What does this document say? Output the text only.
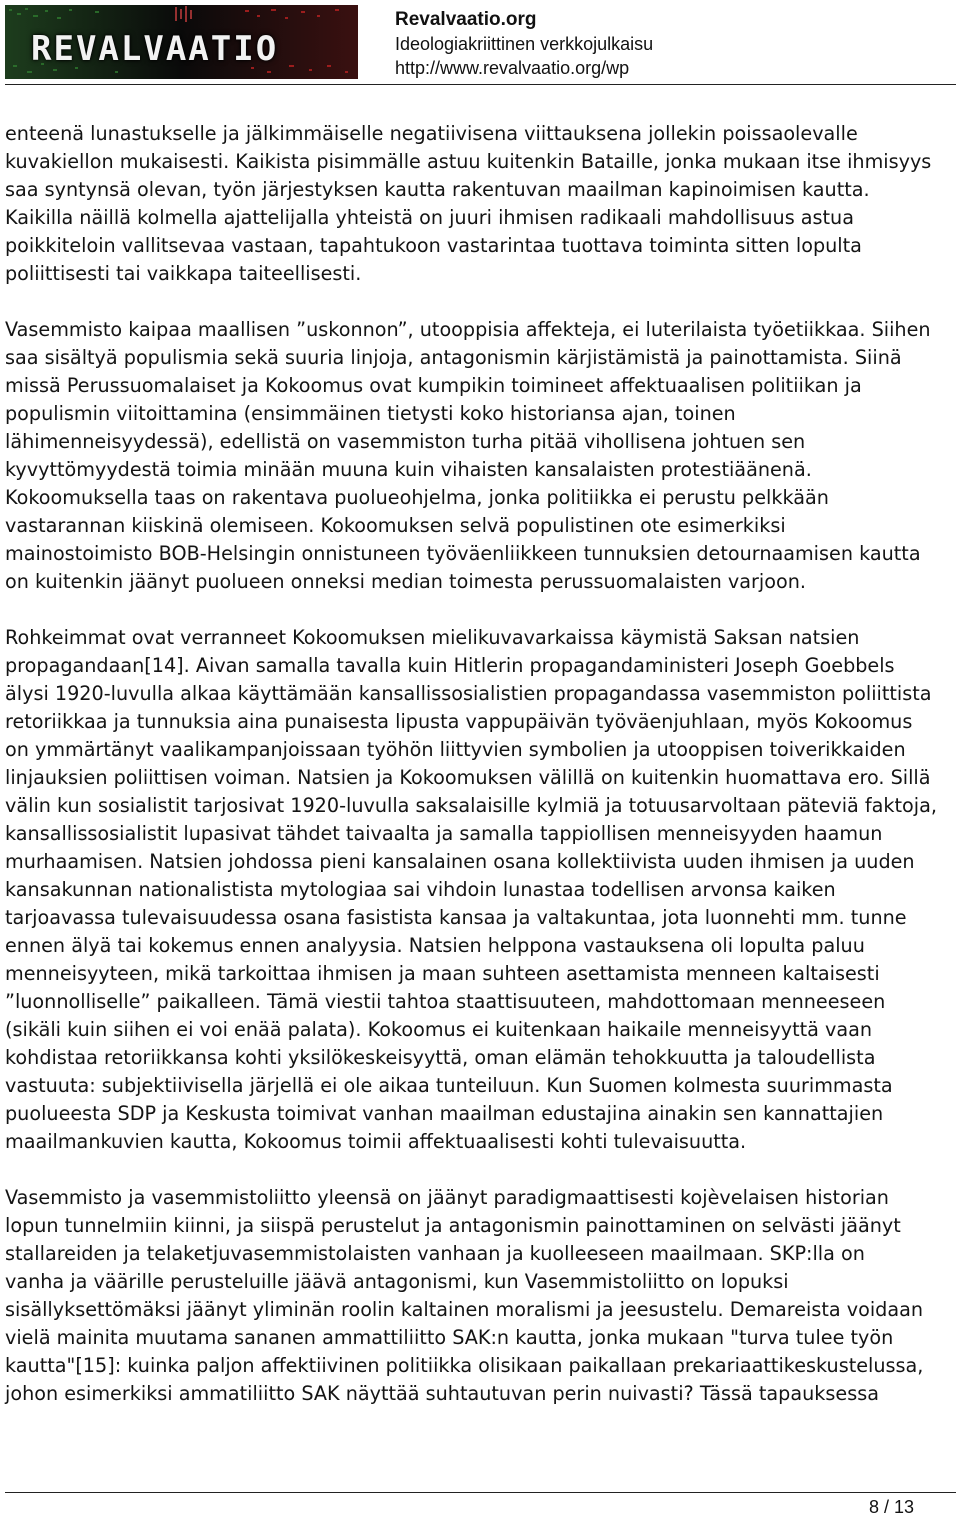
REVALVAATIO
Revalvaatio.org
Ideologiakriittinen verkkojulkaisu
http://www.revalvaatio.org/wp

enteenä lunastukselle ja jälkimmäiselle negatiivisena viittauksena jollekin poissaolevalle
kuvakiellon mukaisesti. Kaikista pisimmälle astuu kuitenkin Bataille, jonka mukaan itse ihmisyys
saa syntynsä olevan, työn järjestyksen kautta rakentuvan maailman kapinoimisen kautta.
Kaikilla näillä kolmella ajattelijalla yhteistä on juuri ihmisen radikaali mahdollisuus astua
poikkiteloin vallitsevaa vastaan, tapahtukoon vastarintaa tuottava toiminta sitten lopulta
poliittisesti tai vaikkapa taiteellisesti.

Vasemmisto kaipaa maallisen ”uskonnon”, utooppisia affekteja, ei luterilaista työetiikkaa. Siihen
saa sisältyä populismia sekä suuria linjoja, antagonismin kärjistämistä ja painottamista. Siinä
missä Perussuomalaiset ja Kokoomus ovat kumpikin toimineet affektuaalisen politiikan ja
populismin viitoittamina (ensimmäinen tietysti koko historiansa ajan, toinen
lähimenneisyydessä), edellistä on vasemmiston turha pitää vihollisena johtuen sen
kyvyttömyydestä toimia minään muuna kuin vihaisten kansalaisten protestiäänenä.
Kokoomuksella taas on rakentava puolueohjelma, jonka politiikka ei perustu pelkkään
vastarannan kiiskinä olemiseen. Kokoomuksen selvä populistinen ote esimerkiksi
mainostoimisto BOB-Helsingin onnistuneen työväenliikkeen tunnuksien detournaamisen kautta
on kuitenkin jäänyt puolueen onneksi median toimesta perussuomalaisten varjoon.

Rohkeimmat ovat verranneet Kokoomuksen mielikuvavarkaissa käymistä Saksan natsien
propagandaan[14]. Aivan samalla tavalla kuin Hitlerin propagandaministeri Joseph Goebbels
älysi 1920-luvulla alkaa käyttämään kansallissosialistien propagandassa vasemmiston poliittista
retoriikkaa ja tunnuksia aina punaisesta lipusta vappupäivän työväenjuhlaan, myös Kokoomus
on ymmärtänyt vaalikampanjoissaan työhön liittyvien symbolien ja utooppisen toiverikkaiden
linjauksien poliittisen voiman. Natsien ja Kokoomuksen välillä on kuitenkin huomattava ero. Sillä
välin kun sosialistit tarjosivat 1920-luvulla saksalaisille kylmiä ja totuusarvoltaan päteviä faktoja,
kansallissosialistit lupasivat tähdet taivaalta ja samalla tappiollisen menneisyyden haamun
murhaamisen. Natsien johdossa pieni kansalainen osana kollektiivista uuden ihmisen ja uuden
kansakunnan nationalistista mytologiaa sai vihdoin lunastaa todellisen arvonsa kaiken
tarjoavassa tulevaisuudessa osana fasistista kansaa ja valtakuntaa, jota luonnehti mm. tunne
ennen älyä tai kokemus ennen analyysia. Natsien helppona vastauksena oli lopulta paluu
menneisyyteen, mikä tarkoittaa ihmisen ja maan suhteen asettamista menneen kaltaisesti
”luonnolliselle” paikalleen. Tämä viestii tahtoa staattisuuteen, mahdottomaan menneeseen
(sikäli kuin siihen ei voi enää palata). Kokoomus ei kuitenkaan haikaile menneisyyttä vaan
kohdistaa retoriikkansa kohti yksilökeskeisyyttä, oman elämän tehokkuutta ja taloudellista
vastuuta: subjektiivisella järjellä ei ole aikaa tunteiluun. Kun Suomen kolmesta suurimmasta
puolueesta SDP ja Keskusta toimivat vanhan maailman edustajina ainakin sen kannattajien
maailmankuvien kautta, Kokoomus toimii affektuaalisesti kohti tulevaisuutta.

Vasemmisto ja vasemmistoliitto yleensä on jäänyt paradigmaattisesti kojèvelaisen historian
lopun tunnelmiin kiinni, ja siispä perustelut ja antagonismin painottaminen on selvästi jäänyt
stallareiden ja telaketjuvasemmistolaisten vanhaan ja kuolleeseen maailmaan. SKP:lla on
vanha ja väärille perusteluille jäävä antagonismi, kun Vasemmistoliitto on lopuksi
sisällyksettömäksi jäänyt yliminän roolin kaltainen moralismi ja jeesustelu. Demareista voidaan
vielä mainita muutama sananen ammattiliitto SAK:n kautta, jonka mukaan "turva tulee työn
kautta"[15]: kuinka paljon affektiivinen politiikka olisikaan paikallaan prekariaattikeskustelussa,
johon esimerkiksi ammatiliitto SAK näyttää suhtautuvan perin nuivasti? Tässä tapauksessa

8 / 13
